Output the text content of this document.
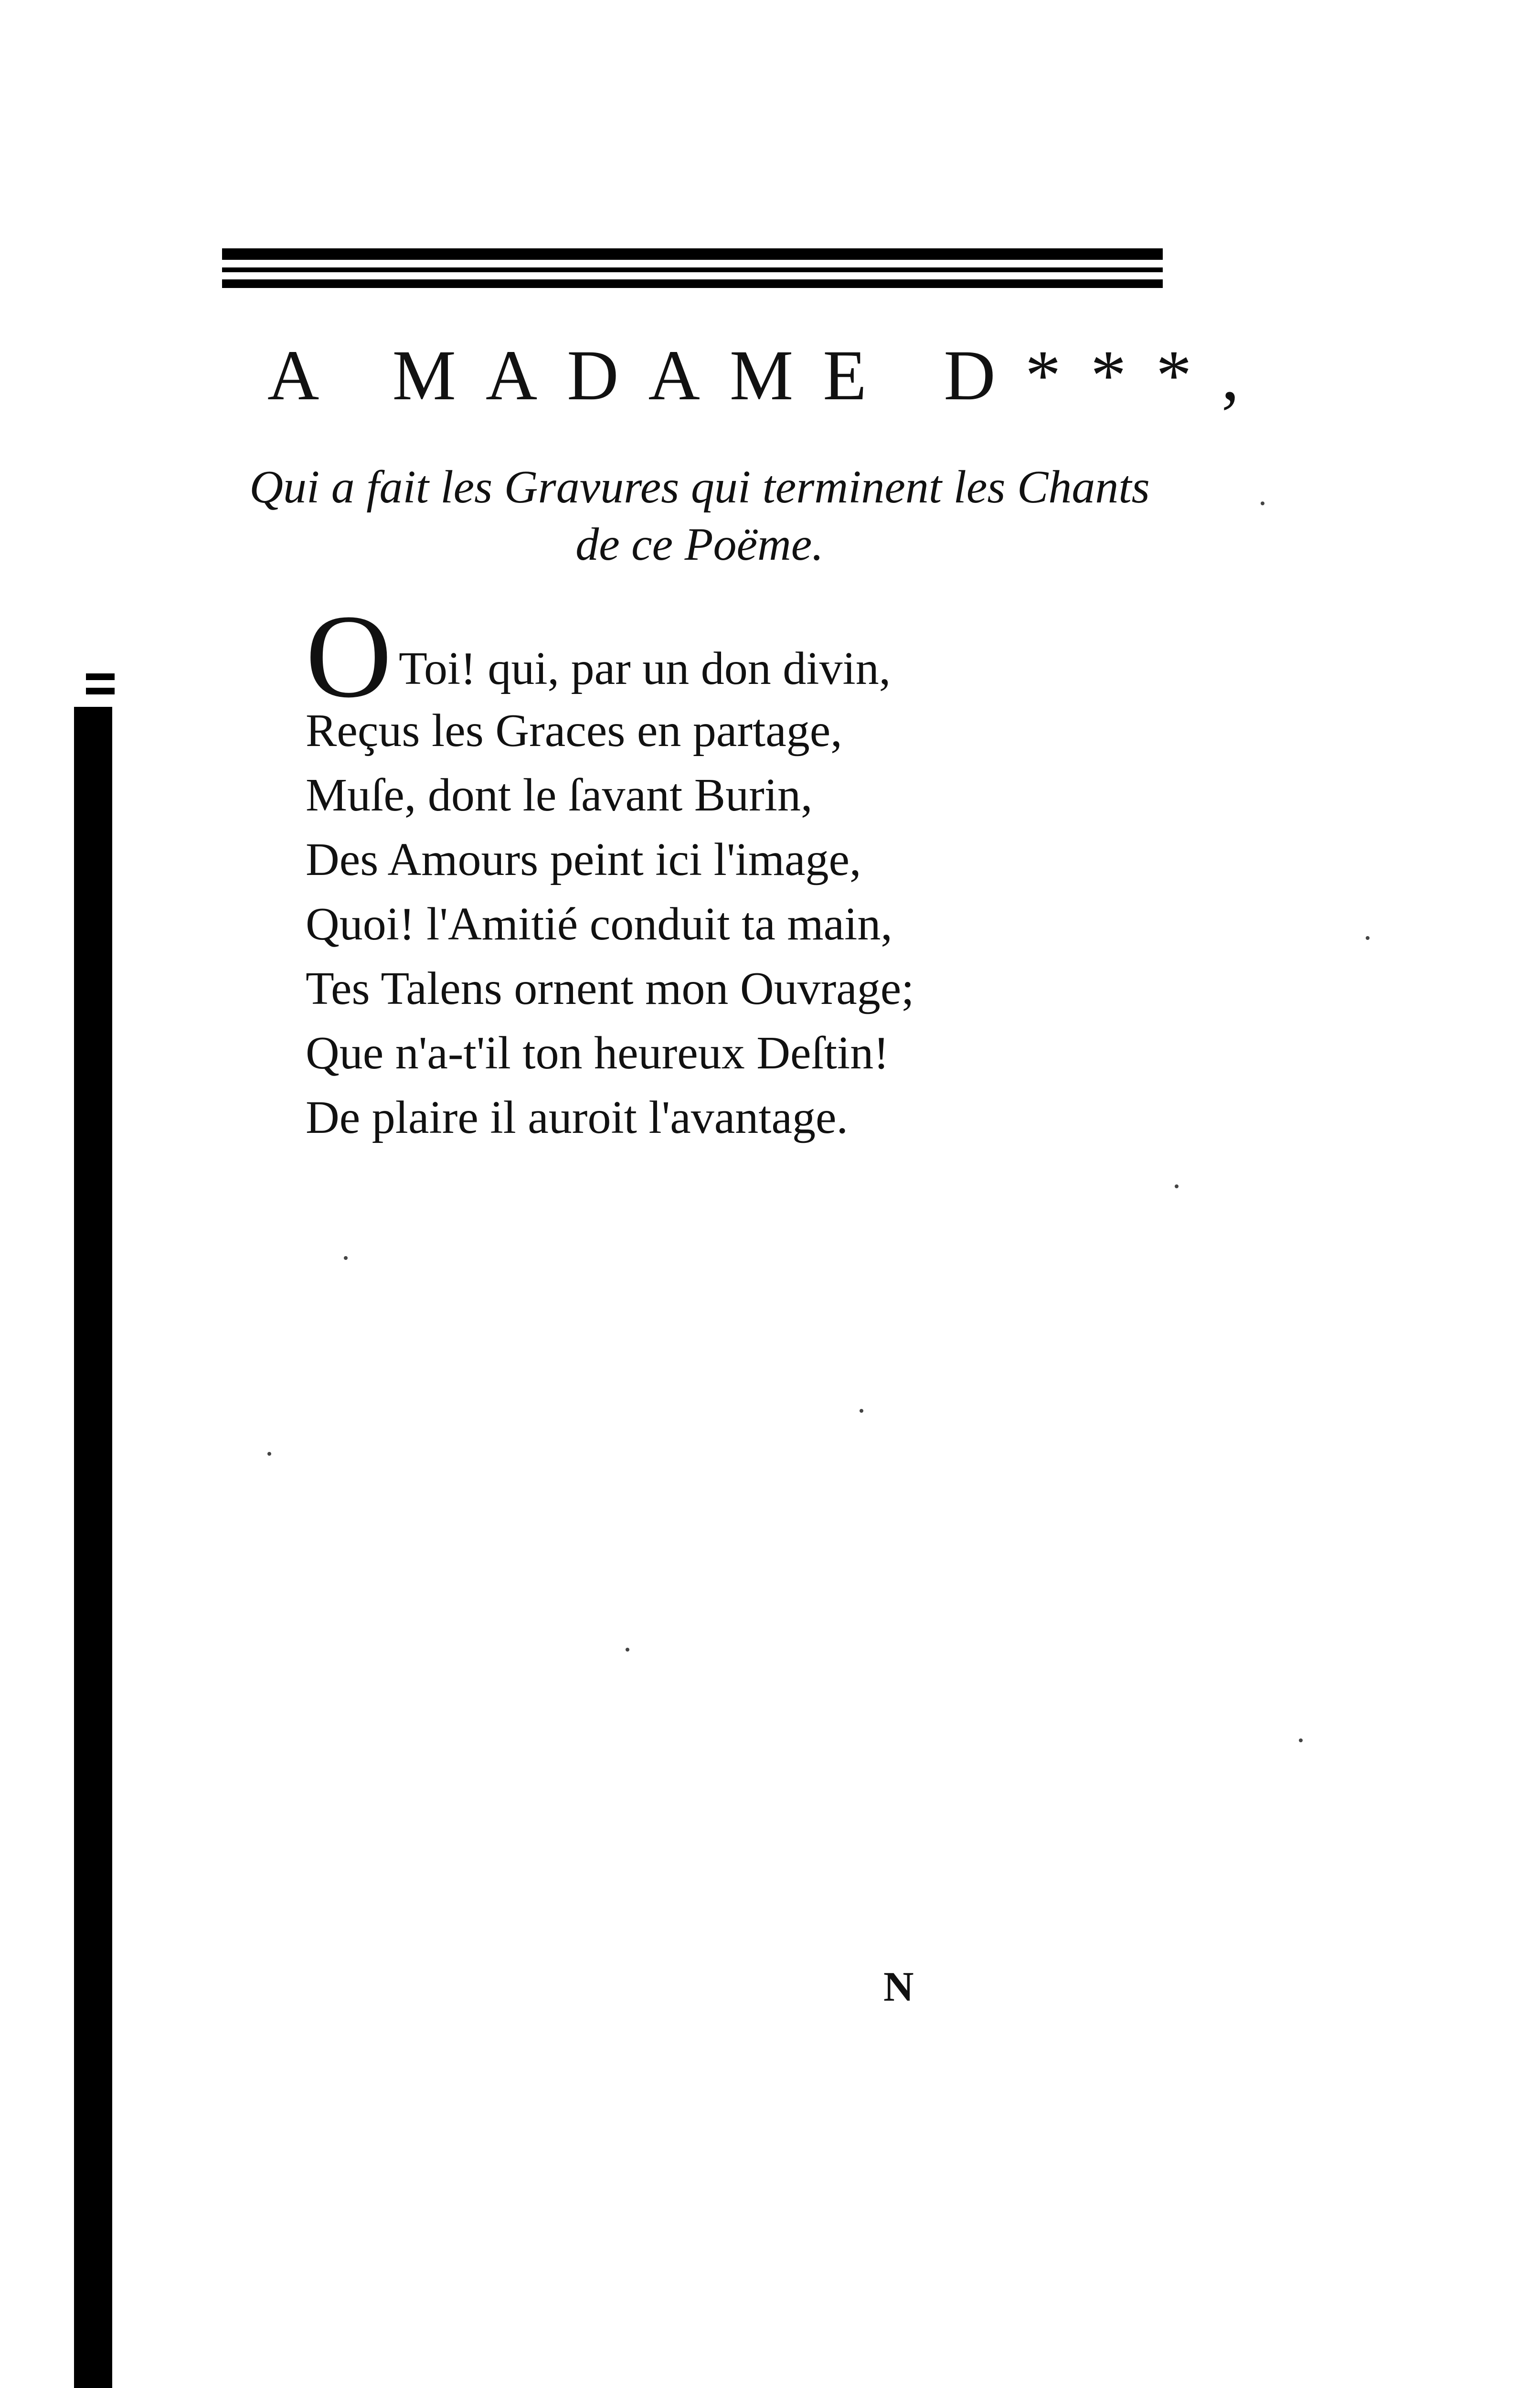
A MADAME D***,
Qui a fait les Gravures qui terminent les Chants
de ce Poëme.
O Toi! qui, par un don divin,
Reçus les Graces en partage,
Muſe, dont le ſavant Burin,
Des Amours peint ici l'image,
Quoi! l'Amitié conduit ta main,
Tes Talens ornent mon Ouvrage;
Que n'a-t'il ton heureux Deſtin!
De plaire il auroit l'avantage.
N
